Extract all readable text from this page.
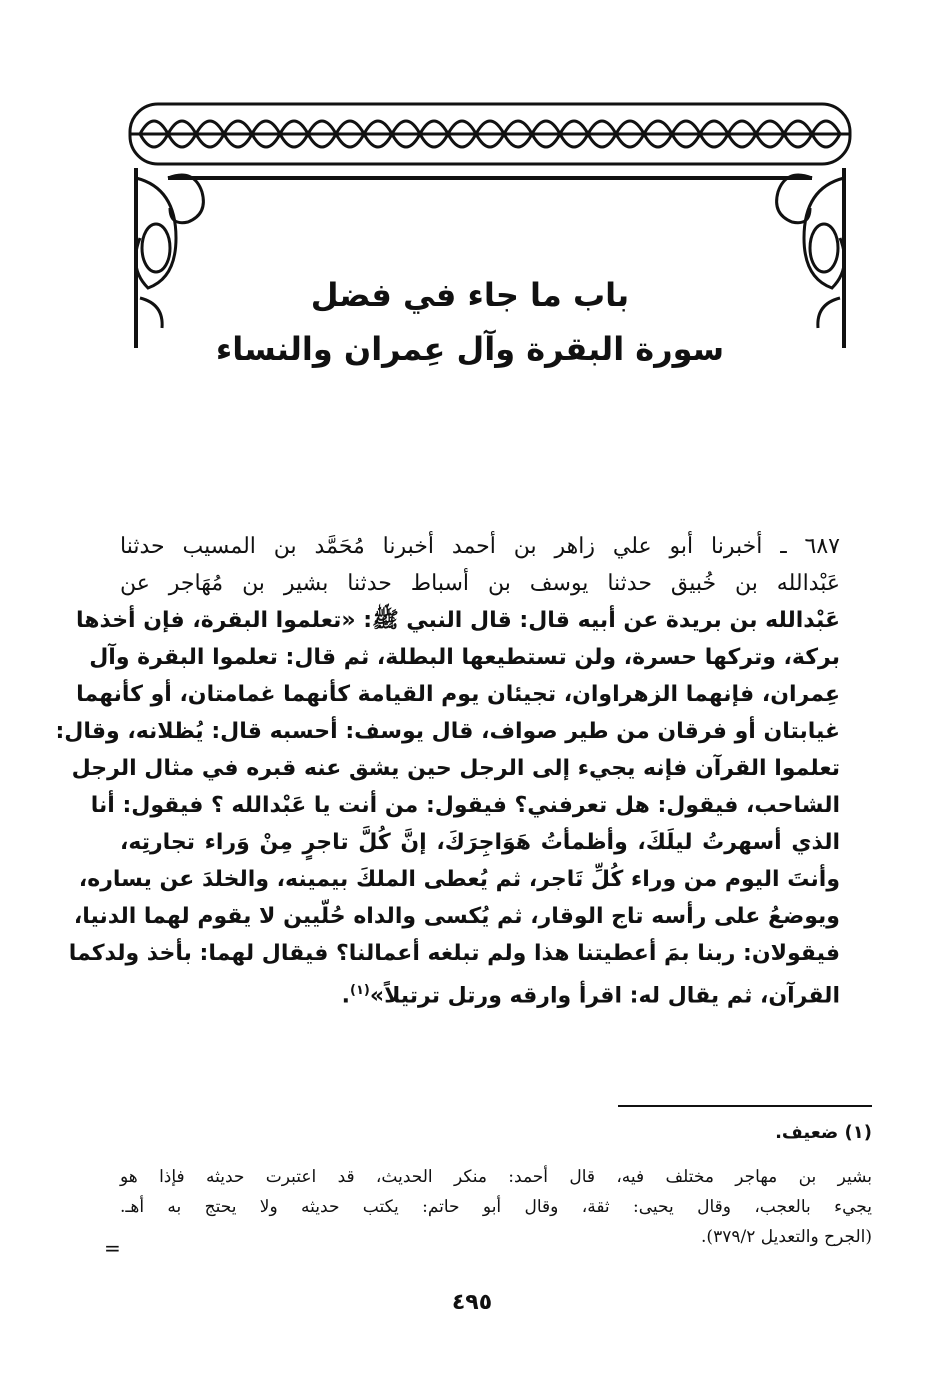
باب ما جاء في فضل
سورة البقرة وآل عِمران والنساء
٦٨٧ ـ أخبرنا أبو علي زاهر بن أحمد أخبرنا مُحَمَّد بن المسيب حدثنا
عَبْدالله بن خُبيق حدثنا يوسف بن أسباط حدثنا بشير بن مُهَاجر عن
عَبْدالله بن بريدة عن أبيه قال: قال النبي ﷺ: «تعلموا البقرة، فإن أخذها
بركة، وتركها حسرة، ولن تستطيعها البطلة، ثم قال: تعلموا البقرة وآل
عِمران، فإنهما الزهراوان، تجيئان يوم القيامة كأنهما غمامتان، أو كأنهما
غيابتان أو فرقان من طير صواف، قال يوسف: أحسبه قال: يُظلانه، وقال:
تعلموا القرآن فإنه يجيء إلى الرجل حين يشق عنه قبره في مثال الرجل
الشاحب، فيقول: هل تعرفني؟ فيقول: من أنت يا عَبْدالله ؟ فيقول: أنا
الذي أسهرتُ ليلَكَ، وأظمأتُ هَوَاجِرَكَ، إنَّ كُلَّ تاجرٍ مِنْ وَراء تجارتِه،
وأنتَ اليوم من وراء كُلِّ تَاجر، ثم يُعطى الملكَ بيمينه، والخلدَ عن يساره،
ويوضعُ على رأسه تاج الوقار، ثم يُكسى والداه حُلّيين لا يقوم لهما الدنيا،
فيقولان: ربنا بمَ أعطيتنا هذا ولم تبلغه أعمالنا؟ فيقال لهما: بأخذ ولدكما
القرآن، ثم يقال له: اقرأ وارقه ورتل ترتيلاً»$^{(١)}$.
(١) ضعيف.
بشير بن مهاجر مختلف فيه، قال أحمد: منكر الحديث، قد اعتبرت حديثه فإذا هو
يجيء بالعجب، وقال يحيى: ثقة، وقال أبو حاتم: يكتب حديثه ولا يحتج به أهـ.
(الجرح والتعديل ٣٧٩/٢).
=
٤٩٥
